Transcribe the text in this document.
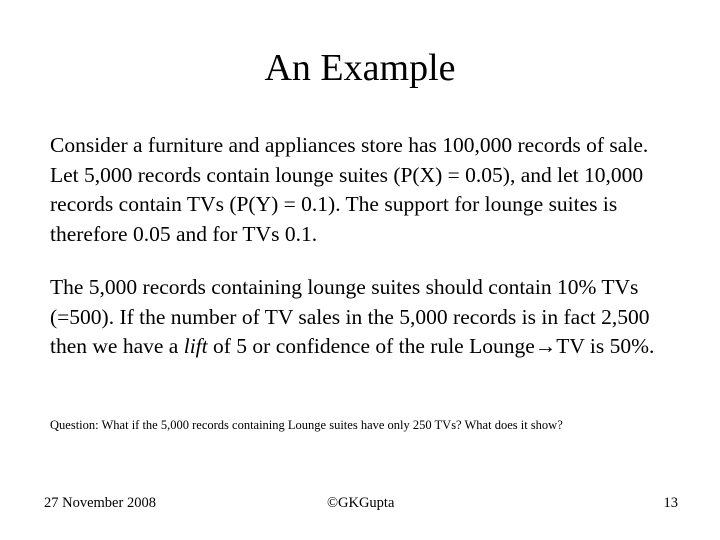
An Example
Consider a furniture and appliances store has 100,000 records of sale. Let 5,000 records contain lounge suites (P(X) = 0.05), and let 10,000 records contain TVs (P(Y) = 0.1). The support for lounge suites is therefore 0.05 and for TVs 0.1.
The 5,000 records containing lounge suites should contain 10% TVs (=500). If the number of TV sales in the 5,000 records is in fact 2,500 then we have a lift of 5 or confidence of the rule Lounge→TV is 50%.
Question: What if the 5,000 records containing Lounge suites have only 250 TVs? What does it show?
27 November 2008	©GKGupta	13
